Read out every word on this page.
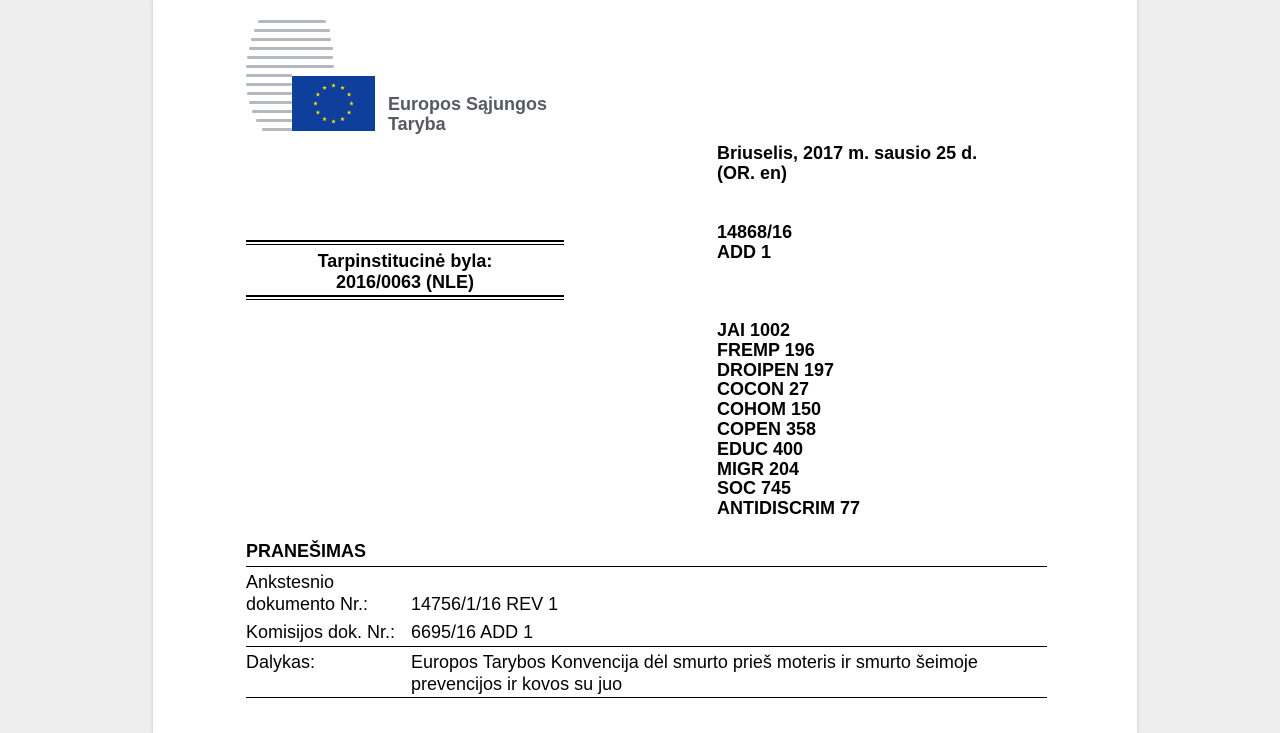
Europos Sąjungos
Taryba
Briuselis, 2017 m. sausio 25 d.
(OR. en)
14868/16
ADD 1
Tarpinstitucinė byla:
2016/0063 (NLE)
JAI 1002
FREMP 196
DROIPEN 197
COCON 27
COHOM 150
COPEN 358
EDUC 400
MIGR 204
SOC 745
ANTIDISCRIM 77
PRANEŠIMAS
Ankstesnio
dokumento Nr.: 14756/1/16 REV 1
Komisijos dok. Nr.: 6695/16 ADD 1
Dalykas:	Europos Tarybos Konvencija dėl smurto prieš moteris ir smurto šeimoje
prevencijos ir kovos su juo
